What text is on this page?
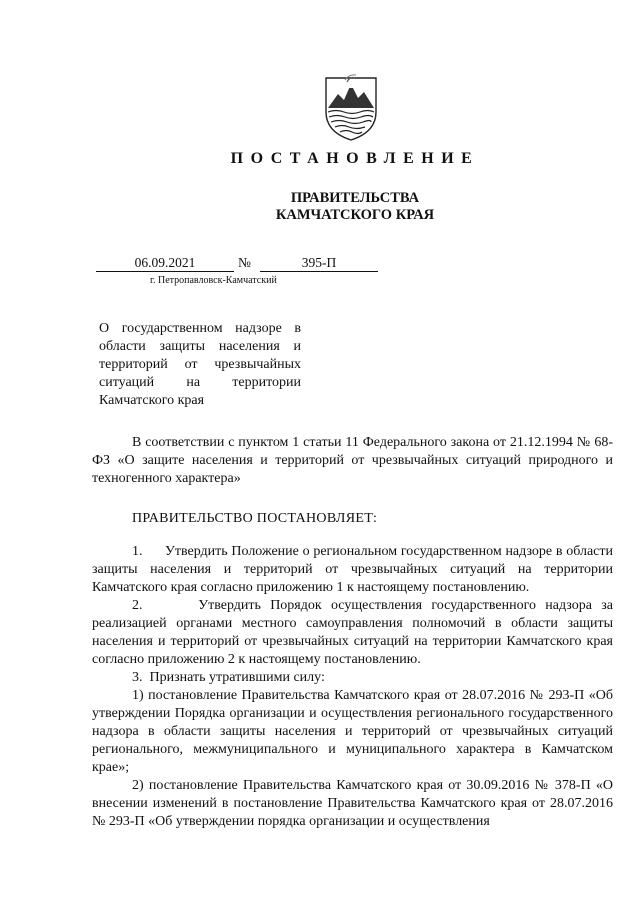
ПОСТАНОВЛЕНИЕ
ПРАВИТЕЛЬСТВА
КАМЧАТСКОГО КРАЯ
06.09.2021	№	395-П
г. Петропавловск-Камчатский
О государственном надзоре в области защиты населения и территорий от чрезвычайных ситуаций на территории Камчатского края

В соответствии с пунктом 1 статьи 11 Федерального закона от 21.12.1994 № 68-ФЗ «О защите населения и территорий от чрезвычайных ситуаций природного и техногенного характера»

ПРАВИТЕЛЬСТВО ПОСТАНОВЛЯЕТ:

1.      Утвердить Положение о региональном государственном надзоре в области защиты населения и территорий от чрезвычайных ситуаций на территории Камчатского края согласно приложению 1 к настоящему постановлению.

2.      Утвердить Порядок осуществления государственного надзора за реализацией органами местного самоуправления полномочий в области защиты населения и территорий от чрезвычайных ситуаций на территории Камчатского края согласно приложению 2 к настоящему постановлению.

3.  Признать утратившими силу:

1) постановление Правительства Камчатского края от 28.07.2016 № 293-П «Об утверждении Порядка организации и осуществления регионального государственного надзора в области защиты населения и территорий от чрезвычайных ситуаций регионального, межмуниципального и муниципального характера в Камчатском крае»;

2) постановление Правительства Камчатского края от 30.09.2016 № 378-П «О внесении изменений в постановление Правительства Камчатского края от 28.07.2016 № 293-П «Об утверждении порядка организации и осуществления
